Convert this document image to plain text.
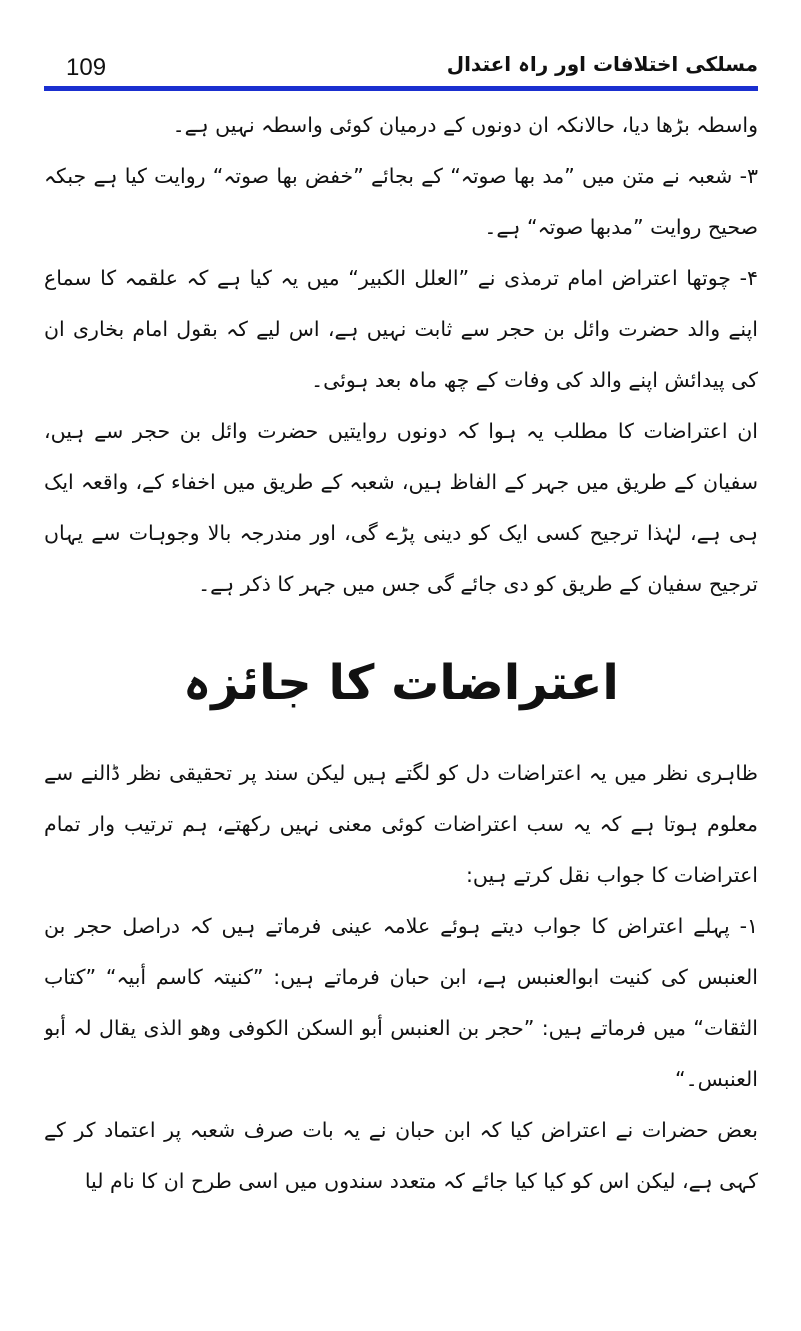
109	مسلکی اختلافات اور راہ اعتدال

واسطہ بڑھا دیا، حالانکہ ان دونوں کے درمیان کوئی واسطہ نہیں ہے۔

۳- شعبہ نے متن میں ”مد بھا صوتہ“ کے بجائے ”خفض بھا صوتہ“ روایت کیا ہے جبکہ صحیح روایت ”مدبھا صوتہ“ ہے۔

۴- چوتھا اعتراض امام ترمذی نے ”العلل الکبیر“ میں یہ کیا ہے کہ علقمہ کا سماع اپنے والد حضرت وائل بن حجر سے ثابت نہیں ہے، اس لیے کہ بقول امام بخاری ان کی پیدائش اپنے والد کی وفات کے چھ ماہ بعد ہوئی۔

ان اعتراضات کا مطلب یہ ہوا کہ دونوں روایتیں حضرت وائل بن حجر سے ہیں، سفیان کے طریق میں جہر کے الفاظ ہیں، شعبہ کے طریق میں اخفاء کے، واقعہ ایک ہی ہے، لہٰذا ترجیح کسی ایک کو دینی پڑے گی، اور مندرجہ بالا وجوہات سے یہاں ترجیح سفیان کے طریق کو دی جائے گی جس میں جہر کا ذکر ہے۔

اعتراضات کا جائزہ

ظاہری نظر میں یہ اعتراضات دل کو لگتے ہیں لیکن سند پر تحقیقی نظر ڈالنے سے معلوم ہوتا ہے کہ یہ سب اعتراضات کوئی معنی نہیں رکھتے، ہم ترتیب وار تمام اعتراضات کا جواب نقل کرتے ہیں:

۱- پہلے اعتراض کا جواب دیتے ہوئے علامہ عینی فرماتے ہیں کہ دراصل حجر بن العنبس کی کنیت ابوالعنبس ہے، ابن حبان فرماتے ہیں: ”کنیتہ کاسم أبیہ“ ”کتاب الثقات“ میں فرماتے ہیں: ”حجر بن العنبس أبو السکن الکوفی وھو الذی یقال لہ أبو العنبس۔“

بعض حضرات نے اعتراض کیا کہ ابن حبان نے یہ بات صرف شعبہ پر اعتماد کر کے کہی ہے، لیکن اس کو کیا کیا جائے کہ متعدد سندوں میں اسی طرح ان کا نام لیا
